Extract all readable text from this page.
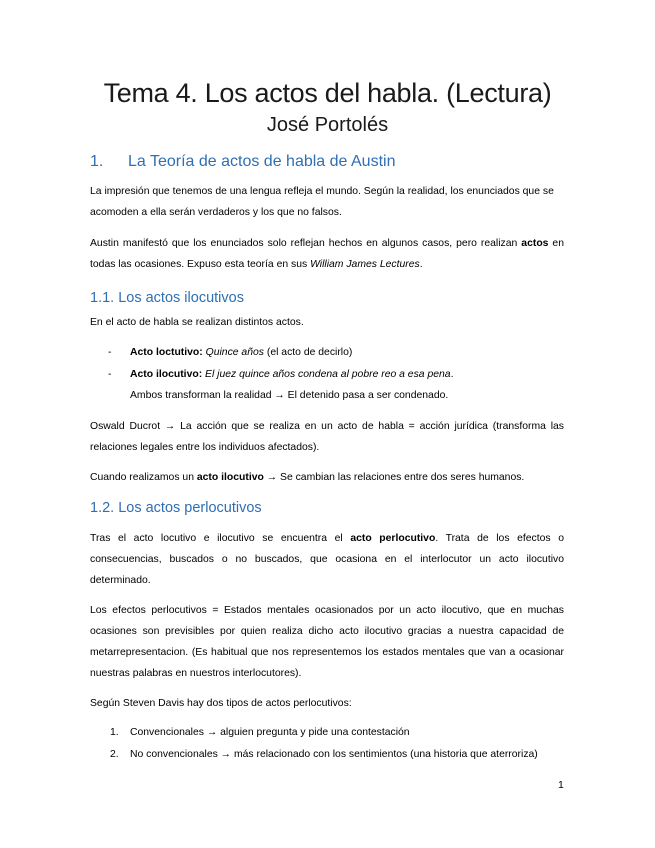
Tema 4. Los actos del habla. (Lectura)
José Portolés
1. La Teoría de actos de habla de Austin
La impresión que tenemos de una lengua refleja el mundo. Según la realidad, los enunciados que se acomoden a ella serán verdaderos y los que no falsos.
Austin manifestó que los enunciados solo reflejan hechos en algunos casos, pero realizan actos en todas las ocasiones. Expuso esta teoría en sus William James Lectures.
1.1. Los actos ilocutivos
En el acto de habla se realizan distintos actos.
- Acto loctutivo: Quince años (el acto de decirlo)
- Acto ilocutivo: El juez quince años condena al pobre reo a esa pena.
Ambos transforman la realidad → El detenido pasa a ser condenado.
Oswald Ducrot → La acción que se realiza en un acto de habla = acción jurídica (transforma las relaciones legales entre los individuos afectados).
Cuando realizamos un acto ilocutivo → Se cambian las relaciones entre dos seres humanos.
1.2. Los actos perlocutivos
Tras el acto locutivo e ilocutivo se encuentra el acto perlocutivo. Trata de los efectos o consecuencias, buscados o no buscados, que ocasiona en el interlocutor un acto ilocutivo determinado.
Los efectos perlocutivos = Estados mentales ocasionados por un acto ilocutivo, que en muchas ocasiones son previsibles por quien realiza dicho acto ilocutivo gracias a nuestra capacidad de metarrepresentacion. (Es habitual que nos representemos los estados mentales que van a ocasionar nuestras palabras en nuestros interlocutores).
Según Steven Davis hay dos tipos de actos perlocutivos:
1. Convencionales → alguien pregunta y pide una contestación
2. No convencionales → más relacionado con los sentimientos (una historia que aterroriza)
1
